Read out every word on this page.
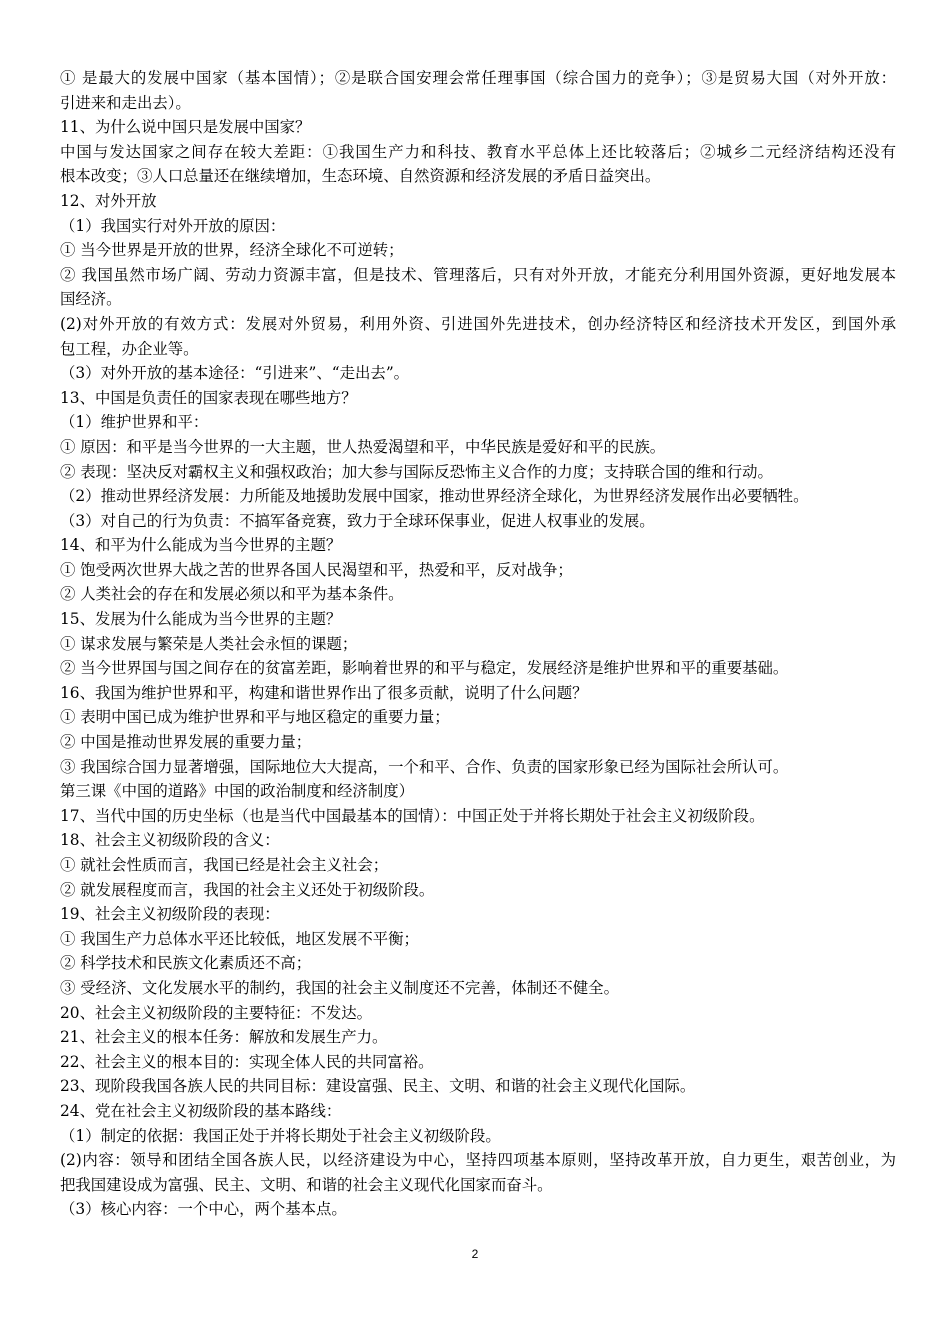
① 是最大的发展中国家（基本国情）；②是联合国安理会常任理事国（综合国力的竞争）；③是贸易大国（对外开放：
引进来和走出去）。
11、为什么说中国只是发展中国家？
中国与发达国家之间存在较大差距：①我国生产力和科技、教育水平总体上还比较落后；②城乡二元经济结构还没有
根本改变；③人口总量还在继续增加，生态环境、自然资源和经济发展的矛盾日益突出。
12、对外开放
（1）我国实行对外开放的原因：
① 当今世界是开放的世界，经济全球化不可逆转；
② 我国虽然市场广阔、劳动力资源丰富，但是技术、管理落后，只有对外开放，才能充分利用国外资源，更好地发展本
国经济。
(2)对外开放的有效方式：发展对外贸易，利用外资、引进国外先进技术，创办经济特区和经济技术开发区，到国外承
包工程，办企业等。
（3）对外开放的基本途径：“引进来”、“走出去”。
13、中国是负责任的国家表现在哪些地方？
（1）维护世界和平：
① 原因：和平是当今世界的一大主题，世人热爱渴望和平，中华民族是爱好和平的民族。
② 表现：坚决反对霸权主义和强权政治；加大参与国际反恐怖主义合作的力度；支持联合国的维和行动。
（2）推动世界经济发展：力所能及地援助发展中国家，推动世界经济全球化，为世界经济发展作出必要牺牲。
（3）对自己的行为负责：不搞军备竞赛，致力于全球环保事业，促进人权事业的发展。
14、和平为什么能成为当今世界的主题？
① 饱受两次世界大战之苦的世界各国人民渴望和平，热爱和平，反对战争；
② 人类社会的存在和发展必须以和平为基本条件。
15、发展为什么能成为当今世界的主题？
① 谋求发展与繁荣是人类社会永恒的课题；
② 当今世界国与国之间存在的贫富差距，影响着世界的和平与稳定，发展经济是维护世界和平的重要基础。
16、我国为维护世界和平，构建和谐世界作出了很多贡献，说明了什么问题？
① 表明中国已成为维护世界和平与地区稳定的重要力量；
② 中国是推动世界发展的重要力量；
③ 我国综合国力显著增强，国际地位大大提高，一个和平、合作、负责的国家形象已经为国际社会所认可。
第三课《中国的道路》中国的政治制度和经济制度）
17、当代中国的历史坐标（也是当代中国最基本的国情）：中国正处于并将长期处于社会主义初级阶段。
18、社会主义初级阶段的含义：
① 就社会性质而言，我国已经是社会主义社会；
② 就发展程度而言，我国的社会主义还处于初级阶段。
19、社会主义初级阶段的表现：
① 我国生产力总体水平还比较低，地区发展不平衡；
② 科学技术和民族文化素质还不高；
③ 受经济、文化发展水平的制约，我国的社会主义制度还不完善，体制还不健全。
20、社会主义初级阶段的主要特征：不发达。
21、社会主义的根本任务：解放和发展生产力。
22、社会主义的根本目的：实现全体人民的共同富裕。
23、现阶段我国各族人民的共同目标：建设富强、民主、文明、和谐的社会主义现代化国际。
24、党在社会主义初级阶段的基本路线：
（1）制定的依据：我国正处于并将长期处于社会主义初级阶段。
(2)内容：领导和团结全国各族人民，以经济建设为中心，坚持四项基本原则，坚持改革开放，自力更生，艰苦创业，为
把我国建设成为富强、民主、文明、和谐的社会主义现代化国家而奋斗。
（3）核心内容：一个中心，两个基本点。
2
